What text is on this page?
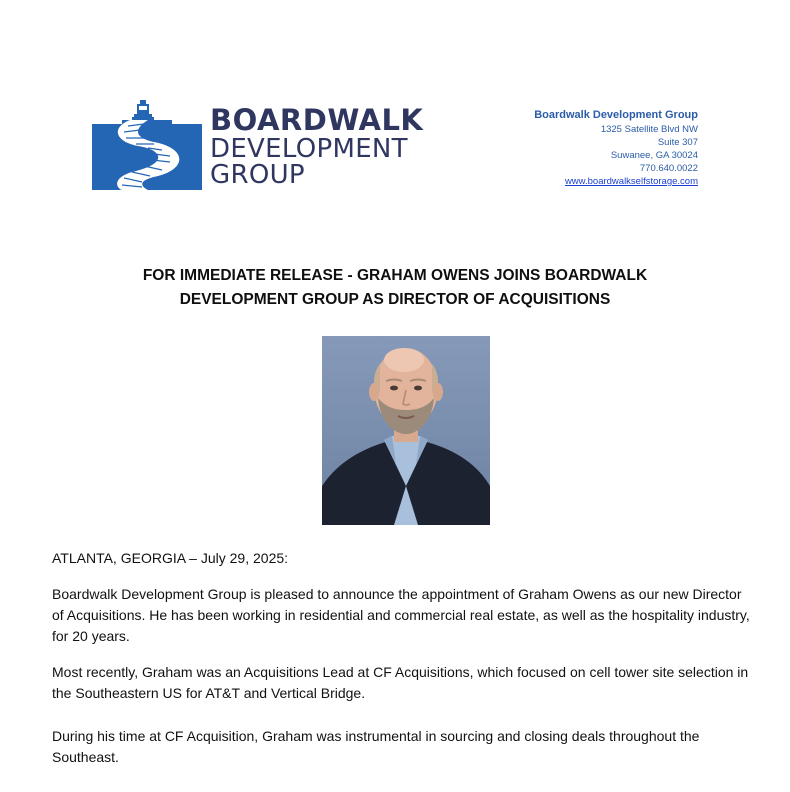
BOARDWALK
DEVELOPMENT
GROUP
Boardwalk Development Group
1325 Satellite Blvd NW
Suite 307
Suwanee, GA 30024
770.640.0022
www.boardwalkselfstorage.com
FOR IMMEDIATE RELEASE - GRAHAM OWENS JOINS BOARDWALK
DEVELOPMENT GROUP AS DIRECTOR OF ACQUISITIONS
ATLANTA, GEORGIA – July 29, 2025:
Boardwalk Development Group is pleased to announce the appointment of Graham Owens as our new Director of Acquisitions. He has been working in residential and commercial real estate, as well as the hospitality industry, for 20 years.
Most recently, Graham was an Acquisitions Lead at CF Acquisitions, which focused on cell tower site selection in the Southeastern US for AT&T and Vertical Bridge.
During his time at CF Acquisition, Graham was instrumental in sourcing and closing deals throughout the Southeast.
